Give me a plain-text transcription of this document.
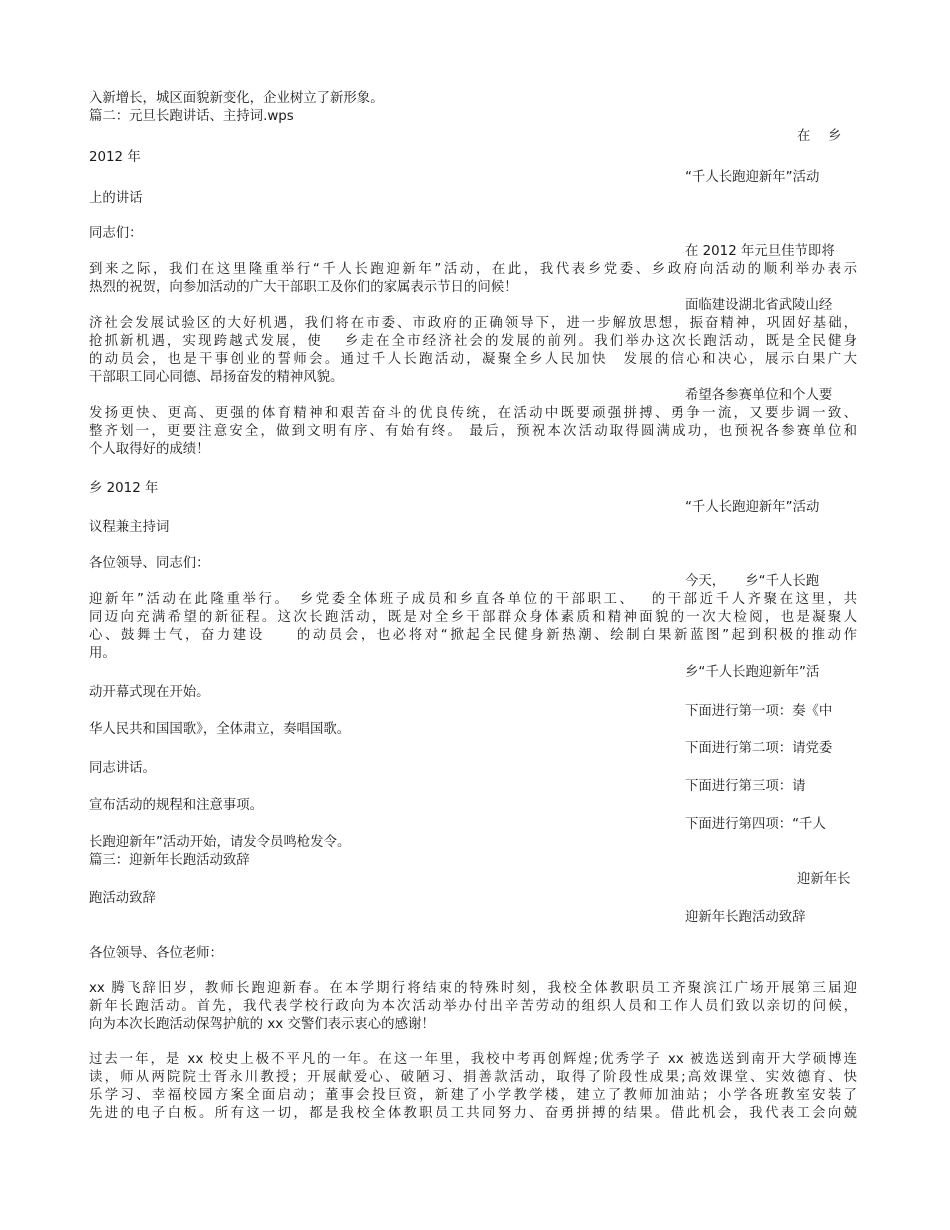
入新增长，城区面貌新变化，企业树立了新形象。
篇二：元旦长跑讲话、主持词.wps
在　 乡
2012 年
“千人长跑迎新年”活动
上的讲话
同志们：
在 2012 年元旦佳节即将
到来之际，我们在这里隆重举行“千人长跑迎新年”活动，在此，我代表乡党委、乡政府向活动的顺利举办表示
热烈的祝贺，向参加活动的广大干部职工及你们的家属表示节日的问候！
面临建设湖北省武陵山经
济社会发展试验区的大好机遇，我们将在市委、市政府的正确领导下，进一步解放思想，振奋精神，巩固好基础，
抢抓新机遇，实现跨越式发展，使　 乡走在全市经济社会的发展的前列。我们举办这次长跑活动，既是全民健身
的动员会，也是干事创业的誓师会。通过千人长跑活动，凝聚全乡人民加快　发展的信心和决心，展示白果广大
干部职工同心同德、昂扬奋发的精神风貌。
希望各参赛单位和个人要
发扬更快、更高、更强的体育精神和艰苦奋斗的优良传统，在活动中既要顽强拼搏、勇争一流，又要步调一致、
整齐划一，更要注意安全，做到文明有序、有始有终。 最后，预祝本次活动取得圆满成功，也预祝各参赛单位和
个人取得好的成绩！
乡 2012 年
“千人长跑迎新年”活动
议程兼主持词
各位领导、同志们：
今天，　　乡“千人长跑
迎新年”活动在此隆重举行。　乡党委全体班子成员和乡直各单位的干部职工、　 的干部近千人齐聚在这里，共
同迈向充满希望的新征程。这次长跑活动，既是对全乡干部群众身体素质和精神面貌的一次大检阅，也是凝聚人
心、鼓舞士气，奋力建设　　的动员会，也必将对“掀起全民健身新热潮、绘制白果新蓝图”起到积极的推动作
用。
乡“千人长跑迎新年”活
动开幕式现在开始。
下面进行第一项：奏《中
华人民共和国国歌》，全体肃立，奏唱国歌。
下面进行第二项：请党委
同志讲话。
下面进行第三项：请
宣布活动的规程和注意事项。
下面进行第四项：“千人
长跑迎新年”活动开始，请发令员鸣枪发令。
篇三：迎新年长跑活动致辞
迎新年长
跑活动致辞
迎新年长跑活动致辞
各位领导、各位老师：
xx 腾飞辞旧岁，教师长跑迎新春。在本学期行将结束的特殊时刻，我校全体教职员工齐聚滨江广场开展第三届迎
新年长跑活动。首先，我代表学校行政向为本次活动举办付出辛苦劳动的组织人员和工作人员们致以亲切的问候，
向为本次长跑活动保驾护航的 xx 交警们表示衷心的感谢！
过去一年，是 xx 校史上极不平凡的一年。在这一年里，我校中考再创辉煌;优秀学子 xx 被选送到南开大学硕博连
读，师从两院院士胥永川教授；开展献爱心、破陋习、捐善款活动，取得了阶段性成果;高效课堂、实效德育、快
乐学习、幸福校园方案全面启动；董事会投巨资，新建了小学教学楼，建立了教师加油站；小学各班教室安装了
先进的电子白板。所有这一切，都是我校全体教职员工共同努力、奋勇拼搏的结果。借此机会，我代表工会向兢
